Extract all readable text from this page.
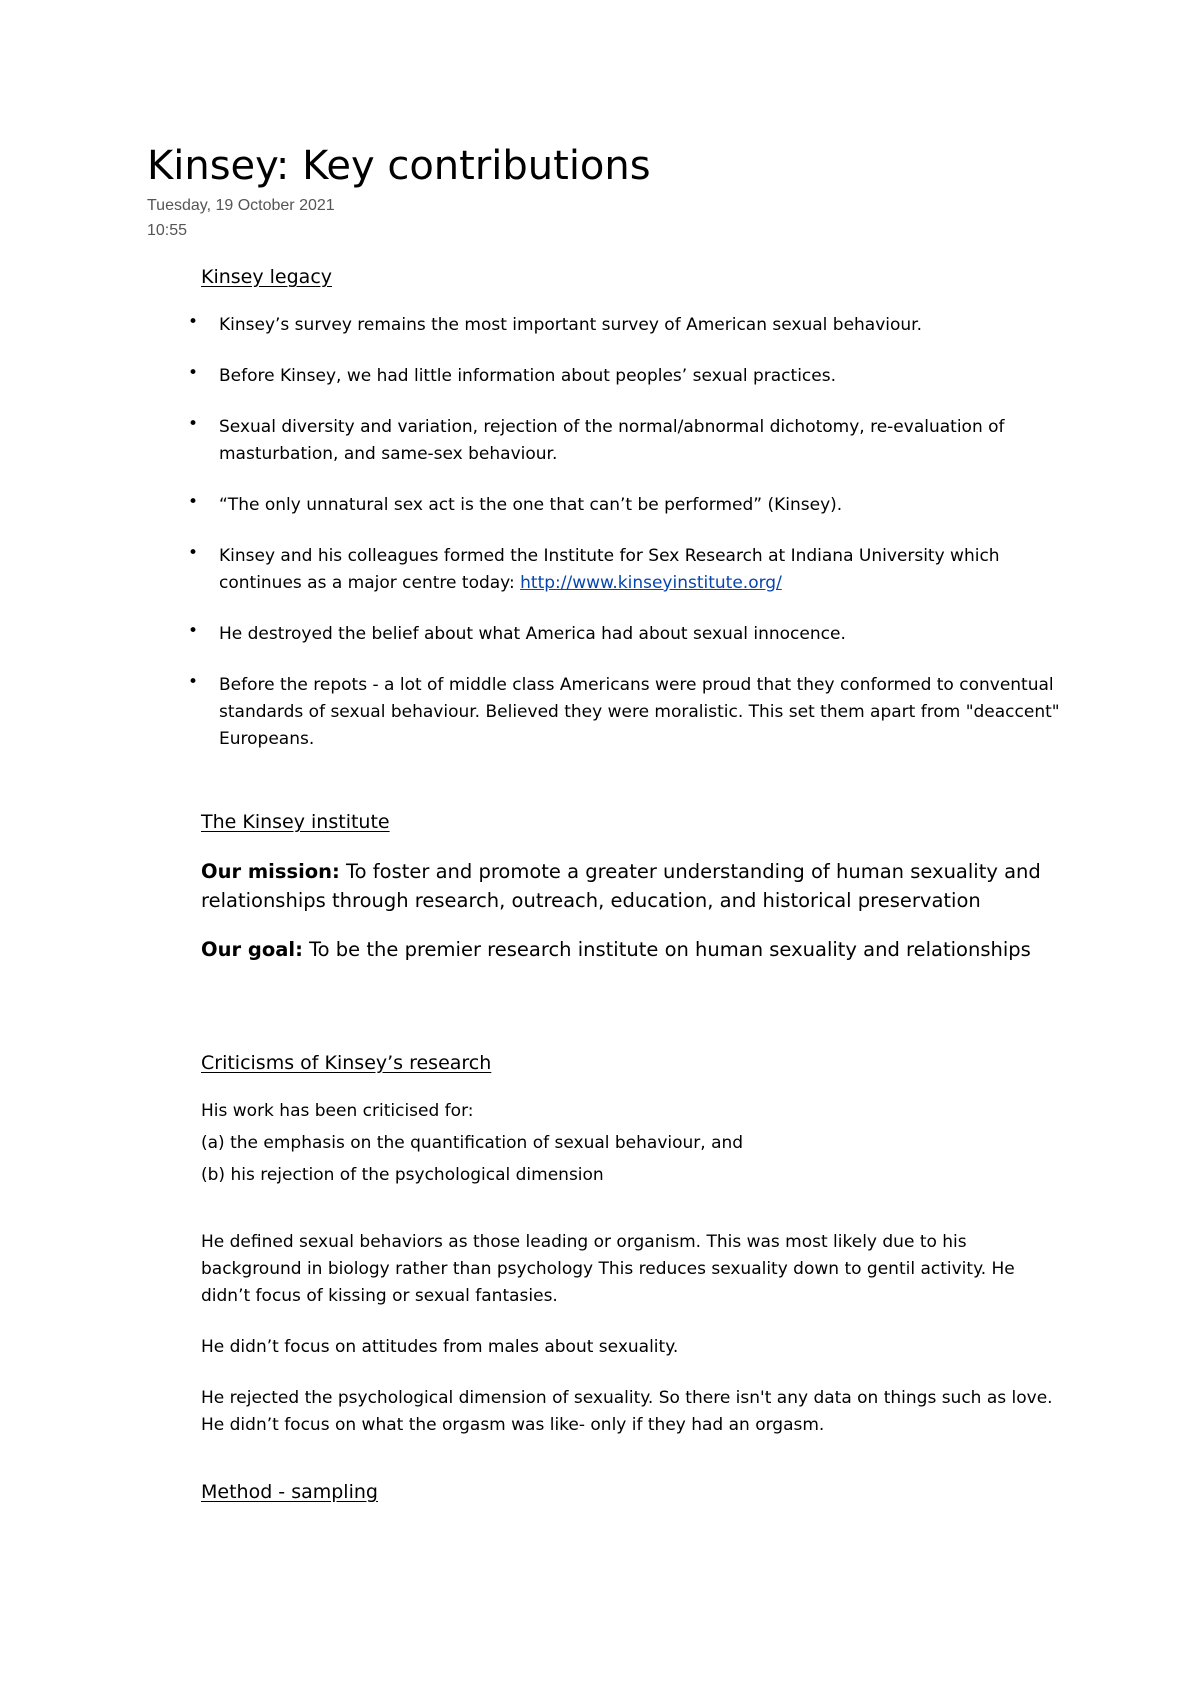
Kinsey: Key contributions
Tuesday, 19 October 2021
10:55
Kinsey legacy
• Kinsey’s survey remains the most important survey of American sexual behaviour.
• Before Kinsey, we had little information about peoples’ sexual practices.
• Sexual diversity and variation, rejection of the normal/abnormal dichotomy, re-evaluation of masturbation, and same-sex behaviour.
• “The only unnatural sex act is the one that can’t be performed” (Kinsey).
• Kinsey and his colleagues formed the Institute for Sex Research at Indiana University which continues as a major centre today: http://www.kinseyinstitute.org/
• He destroyed the belief about what America had about sexual innocence.
• Before the repots - a lot of middle class Americans were proud that they conformed to conventual standards of sexual behaviour. Believed they were moralistic. This set them apart from "deaccent" Europeans.
The Kinsey institute

Our mission: To foster and promote a greater understanding of human sexuality and relationships through research, outreach, education, and historical preservation

Our goal: To be the premier research institute on human sexuality and relationships

Criticisms of Kinsey’s research

His work has been criticised for:

(a) the emphasis on the quantification of sexual behaviour, and

(b) his rejection of the psychological dimension

He defined sexual behaviors as those leading or organism. This was most likely due to his background in biology rather than psychology This reduces sexuality down to gentil activity. He didn’t focus of kissing or sexual fantasies.

He didn’t focus on attitudes from males about sexuality.

He rejected the psychological dimension of sexuality. So there isn't any data on things such as love. He didn’t focus on what the orgasm was like- only if they had an orgasm.

Method - sampling
